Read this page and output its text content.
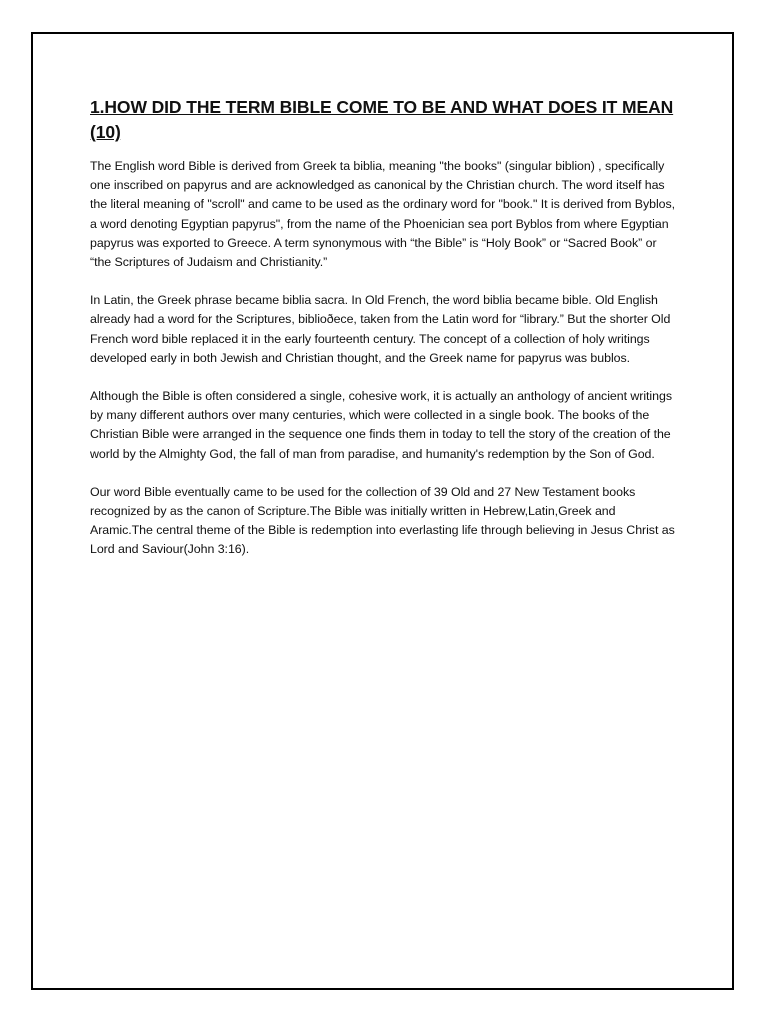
1.HOW DID THE TERM BIBLE COME TO BE AND WHAT DOES IT MEAN (10)

The English word Bible is derived from Greek ta biblia, meaning "the books" (singular biblion) , specifically one inscribed on papyrus and are acknowledged as canonical by the Christian church. The word itself has the literal meaning of "scroll" and came to be used as the ordinary word for "book." It is derived from Byblos, a word denoting Egyptian papyrus", from the name of the Phoenician sea port Byblos from where Egyptian papyrus was exported to Greece. A term synonymous with “the Bible” is “Holy Book” or “Sacred Book” or “the Scriptures of Judaism and Christianity.”

In Latin, the Greek phrase became biblia sacra. In Old French, the word biblia became bible. Old English already had a word for the Scriptures, biblioðece, taken from the Latin word for “library.” But the shorter Old French word bible replaced it in the early fourteenth century. The concept of a collection of holy writings developed early in both Jewish and Christian thought, and the Greek name for papyrus was bublos.

Although the Bible is often considered a single, cohesive work, it is actually an anthology of ancient writings by many different authors over many centuries, which were collected in a single book. The books of the Christian Bible were arranged in the sequence one finds them in today to tell the story of the creation of the world by the Almighty God, the fall of man from paradise, and humanity's redemption by the Son of God.

Our word Bible eventually came to be used for the collection of 39 Old and 27 New Testament books recognized by as the canon of Scripture.The Bible was initially written in Hebrew,Latin,Greek and Aramic.The central theme of the Bible is redemption into everlasting life through believing in Jesus Christ as Lord and Saviour(John 3:16).
